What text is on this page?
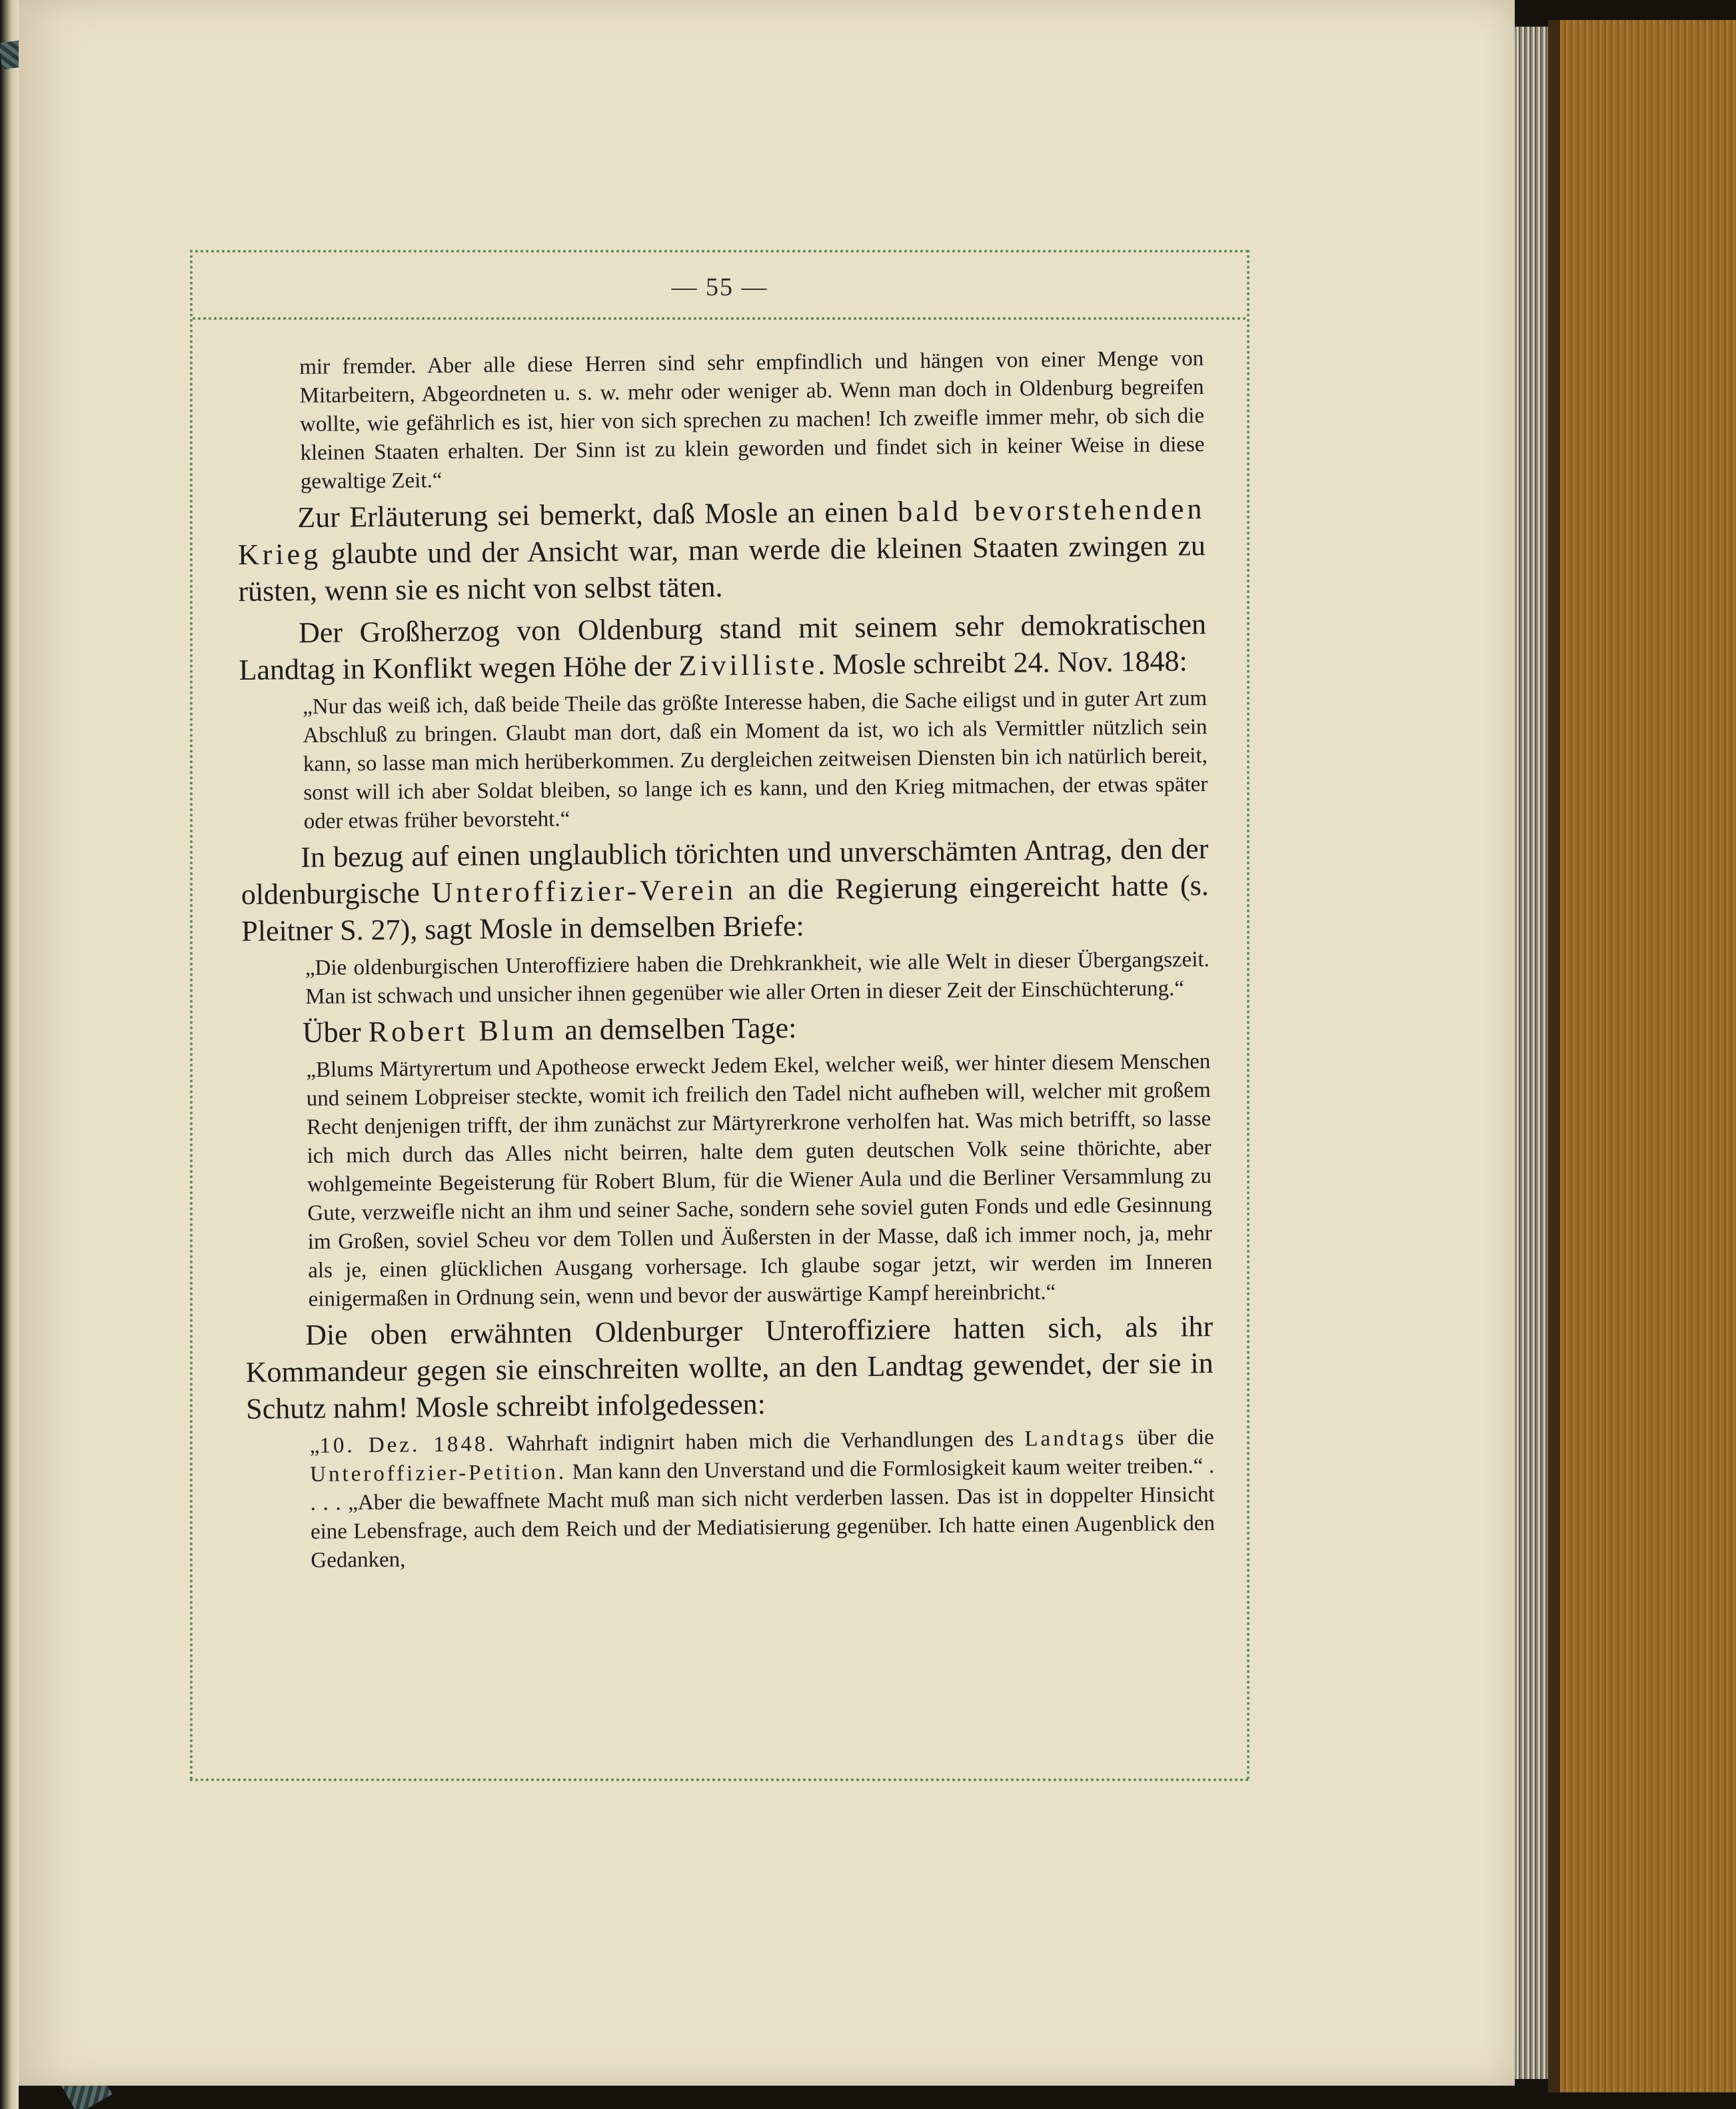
— 55 —

mir fremder. Aber alle diese Herren sind sehr empfindlich und hängen von einer Menge von Mitarbeitern, Abgeordneten u. s. w. mehr oder weniger ab. Wenn man doch in Oldenburg begreifen wollte, wie gefährlich es ist, hier von sich sprechen zu machen! Ich zweifle immer mehr, ob sich die kleinen Staaten erhalten. Der Sinn ist zu klein geworden und findet sich in keiner Weise in diese gewaltige Zeit.“

Zur Erläuterung sei bemerkt, daß Mosle an einen bald bevorstehenden Krieg glaubte und der Ansicht war, man werde die kleinen Staaten zwingen zu rüsten, wenn sie es nicht von selbst täten.

Der Großherzog von Oldenburg stand mit seinem sehr demokratischen Landtag in Konflikt wegen Höhe der Zivilliste. Mosle schreibt 24. Nov. 1848:

„Nur das weiß ich, daß beide Theile das größte Interesse haben, die Sache eiligst und in guter Art zum Abschluß zu bringen. Glaubt man dort, daß ein Moment da ist, wo ich als Vermittler nützlich sein kann, so lasse man mich herüberkommen. Zu dergleichen zeitweisen Diensten bin ich natürlich bereit, sonst will ich aber Soldat bleiben, so lange ich es kann, und den Krieg mitmachen, der etwas später oder etwas früher bevorsteht.“

In bezug auf einen unglaublich törichten und unverschämten Antrag, den der oldenburgische Unteroffizier-Verein an die Regierung eingereicht hatte (s. Pleitner S. 27), sagt Mosle in demselben Briefe:

„Die oldenburgischen Unteroffiziere haben die Drehkrankheit, wie alle Welt in dieser Übergangszeit. Man ist schwach und unsicher ihnen gegenüber wie aller Orten in dieser Zeit der Einschüchterung.“

Über Robert Blum an demselben Tage:

„Blums Märtyrertum und Apotheose erweckt Jedem Ekel, welcher weiß, wer hinter diesem Menschen und seinem Lobpreiser steckte, womit ich freilich den Tadel nicht aufheben will, welcher mit großem Recht denjenigen trifft, der ihm zunächst zur Märtyrerkrone verholfen hat. Was mich betrifft, so lasse ich mich durch das Alles nicht beirren, halte dem guten deutschen Volk seine thörichte, aber wohlgemeinte Begeisterung für Robert Blum, für die Wiener Aula und die Berliner Versammlung zu Gute, verzweifle nicht an ihm und seiner Sache, sondern sehe soviel guten Fonds und edle Gesinnung im Großen, soviel Scheu vor dem Tollen und Äußersten in der Masse, daß ich immer noch, ja, mehr als je, einen glücklichen Ausgang vorhersage. Ich glaube sogar jetzt, wir werden im Inneren einigermaßen in Ordnung sein, wenn und bevor der auswärtige Kampf hereinbricht.“

Die oben erwähnten Oldenburger Unteroffiziere hatten sich, als ihr Kommandeur gegen sie einschreiten wollte, an den Landtag gewendet, der sie in Schutz nahm! Mosle schreibt infolgedessen:

„10. Dez. 1848. Wahrhaft indignirt haben mich die Verhandlungen des Landtags über die Unteroffizier-Petition. Man kann den Unverstand und die Formlosigkeit kaum weiter treiben.“ . . . . „Aber die bewaffnete Macht muß man sich nicht verderben lassen. Das ist in doppelter Hinsicht eine Lebensfrage, auch dem Reich und der Mediatisierung gegenüber. Ich hatte einen Augenblick den Gedanken,
